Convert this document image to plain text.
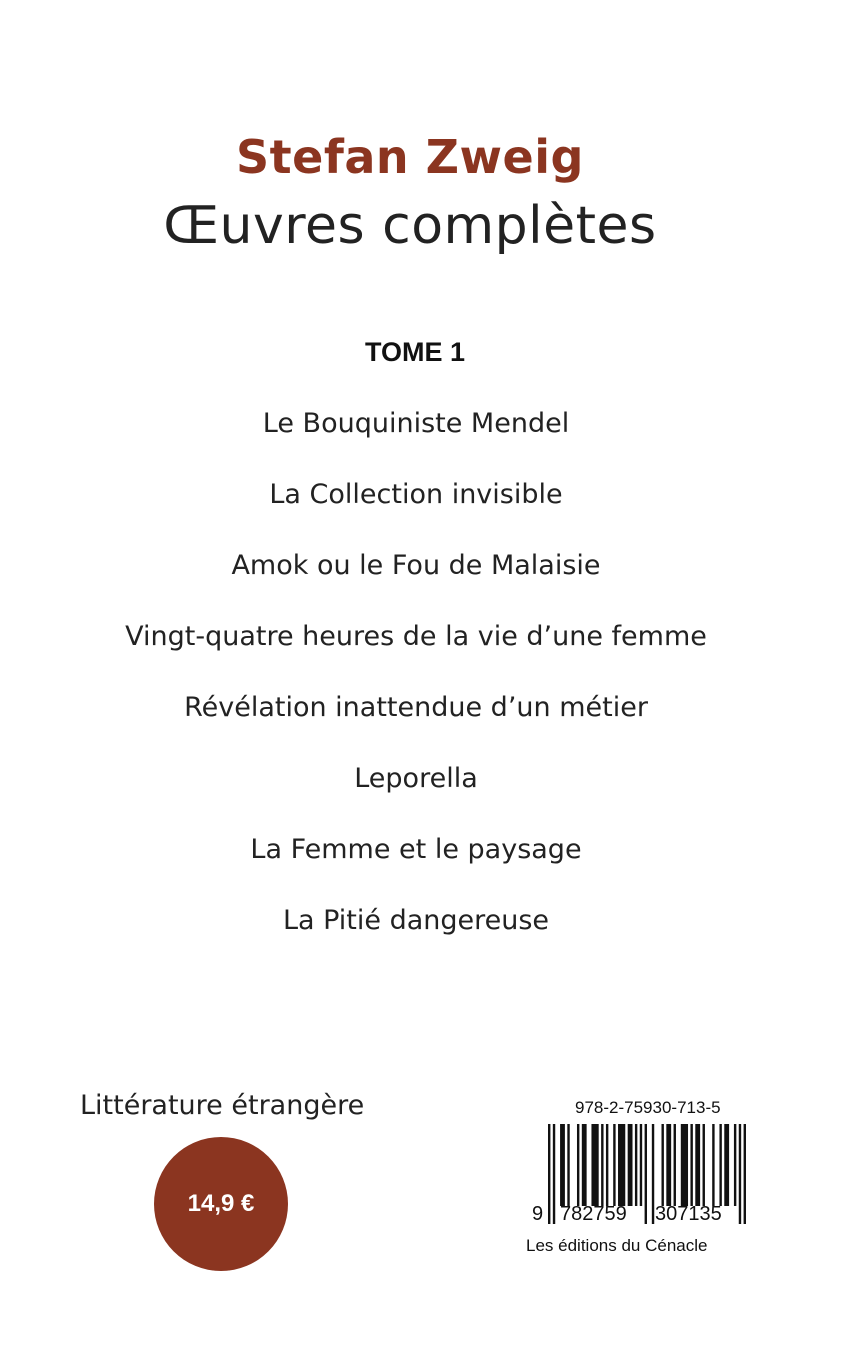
Stefan Zweig
Œuvres complètes
TOME 1
Le Bouquiniste Mendel
La Collection invisible
Amok ou le Fou de Malaisie
Vingt-quatre heures de la vie d’une femme
Révélation inattendue d’un métier
Leporella
La Femme et le paysage
La Pitié dangereuse
Littérature étrangère
14,9 €
978-2-75930-713-5
9 782759 307135
Les éditions du Cénacle
